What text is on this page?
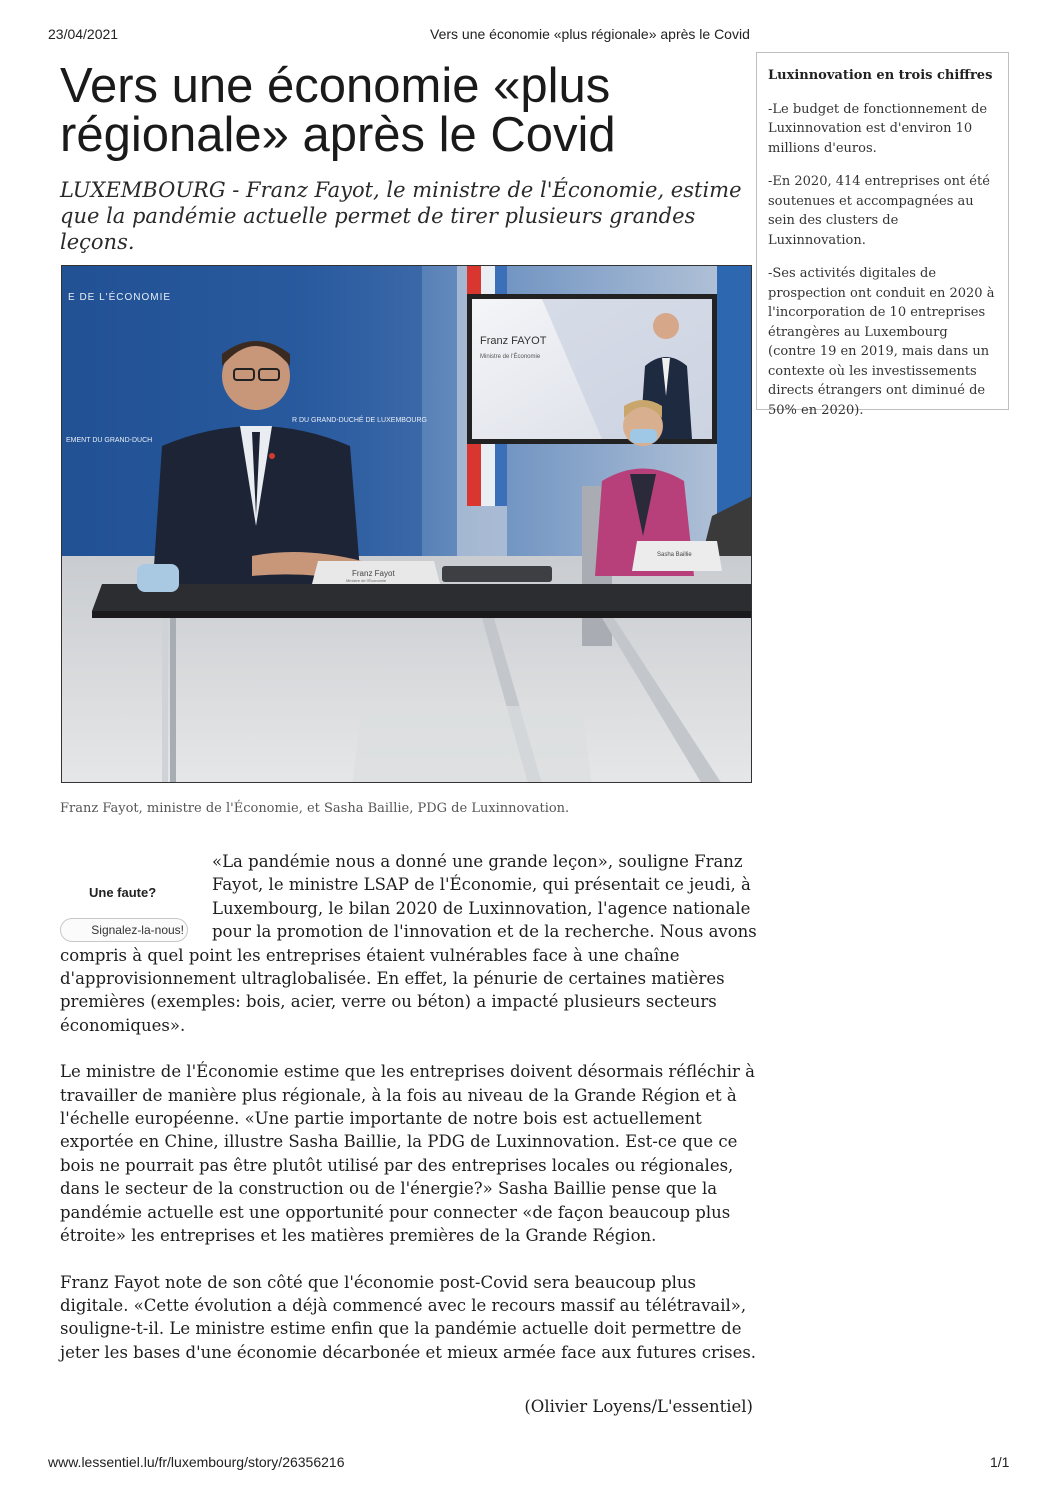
23/04/2021	Vers une économie «plus régionale» après le Covid
Vers une économie «plus
régionale» après le Covid

LUXEMBOURG - Franz Fayot, le ministre de l'Économie, estime que la pandémie actuelle permet de tirer plusieurs grandes leçons.

E DE L'ÉCONOMIE
EMENT DU GRAND-DUCH
R DU GRAND-DUCHÉ DE LUXEMBOURG
Franz FAYOT
Ministre de l'Économie
Franz Fayot
Ministre de l'Économie
Sasha Baillie
Franz Fayot, ministre de l'Économie, et Sasha Baillie, PDG de Luxinnovation.
Luxinnovation en trois chiffres

-Le budget de fonctionnement de Luxinnovation est d'environ 10 millions d'euros.

-En 2020, 414 entreprises ont été soutenues et accompagnées au sein des clusters de Luxinnovation.

-Ses activités digitales de prospection ont conduit en 2020 à l'incorporation de 10 entreprises étrangères au Luxembourg (contre 19 en 2019, mais dans un contexte où les investissements directs étrangers ont diminué de 50% en 2020).

«La pandémie nous a donné une grande leçon», souligne Franz Fayot, le ministre LSAP de l'Économie, qui présentait ce jeudi, à Luxembourg, le bilan 2020 de Luxinnovation, l'agence nationale pour la promotion de l'innovation et de la recherche. Nous avons compris à quel point les entreprises étaient vulnérables face à une chaîne d'approvisionnement ultraglobalisée. En effet, la pénurie de certaines matières premières (exemples: bois, acier, verre ou béton) a impacté plusieurs secteurs économiques».

Le ministre de l'Économie estime que les entreprises doivent désormais réfléchir à travailler de manière plus régionale, à la fois au niveau de la Grande Région et à l'échelle européenne. «Une partie importante de notre bois est actuellement exportée en Chine, illustre Sasha Baillie, la PDG de Luxinnovation. Est-ce que ce bois ne pourrait pas être plutôt utilisé par des entreprises locales ou régionales, dans le secteur de la construction ou de l'énergie?» Sasha Baillie pense que la pandémie actuelle est une opportunité pour connecter «de façon beaucoup plus étroite» les entreprises et les matières premières de la Grande Région.

Franz Fayot note de son côté que l'économie post-Covid sera beaucoup plus digitale. «Cette évolution a déjà commencé avec le recours massif au télétravail», souligne-t-il. Le ministre estime enfin que la pandémie actuelle doit permettre de jeter les bases d'une économie décarbonée et mieux armée face aux futures crises.

Une faute?
Signalez-la-nous!
(Olivier Loyens/L'essentiel)
www.lessentiel.lu/fr/luxembourg/story/26356216	1/1
